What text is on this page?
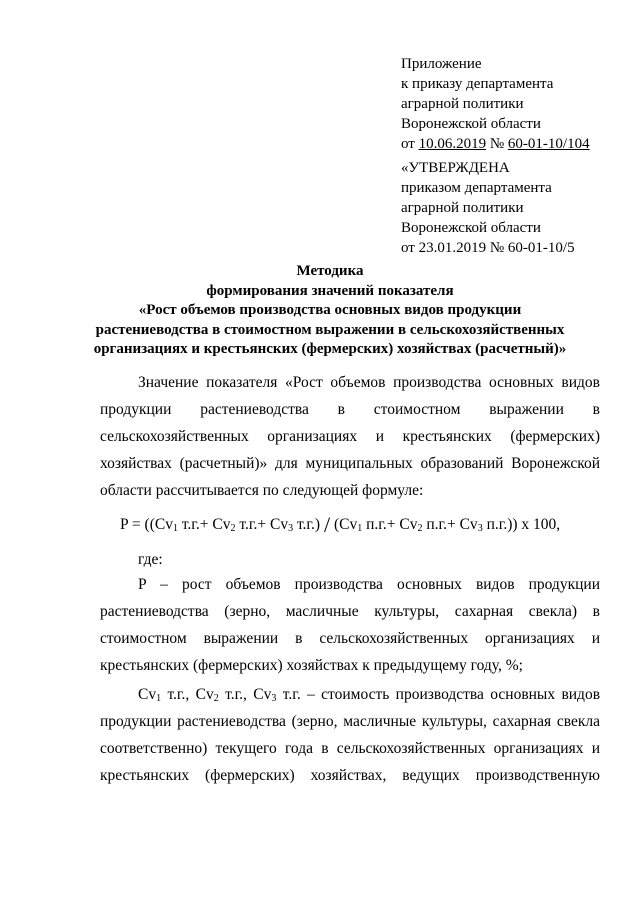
Приложение
к приказу департамента
аграрной политики
Воронежской области
от 10.06.2019 № 60-01-10/104
«УТВЕРЖДЕНА
приказом департамента
аграрной политики
Воронежской области
от 23.01.2019 № 60-01-10/5
Методика
формирования значений показателя
«Рост объемов производства основных видов продукции
растениеводства в стоимостном выражении в сельскохозяйственных
организациях и крестьянских (фермерских) хозяйствах (расчетный)»
Значение показателя «Рост объемов производства основных видов
продукции растениеводства в стоимостном выражении в
сельскохозяйственных организациях и крестьянских (фермерских)
хозяйствах (расчетный)» для муниципальных образований Воронежской
области рассчитывается по следующей формуле:
$P = ((Cv_1$ $т.г.+ Cv_2$ $т.г.+ Cv_3$ $т.г.) / (Cv_1$ $п.г.+ Cv_2$ $п.г.+ Cv_3$ п.г.)) х 100,
где:
P – рост объемов производства основных видов продукции
растениеводства (зерно, масличные культуры, сахарная свекла) в
стоимостном выражении в сельскохозяйственных организациях и
крестьянских (фермерских) хозяйствах к предыдущему году, %;
$Cv_1$ т.г., $Cv_2$ т.г., $Cv_3$ т.г. – стоимость производства основных видов
продукции растениеводства (зерно, масличные культуры, сахарная свекла
соответственно) текущего года в сельскохозяйственных организациях и
крестьянских (фермерских) хозяйствах, ведущих производственную
